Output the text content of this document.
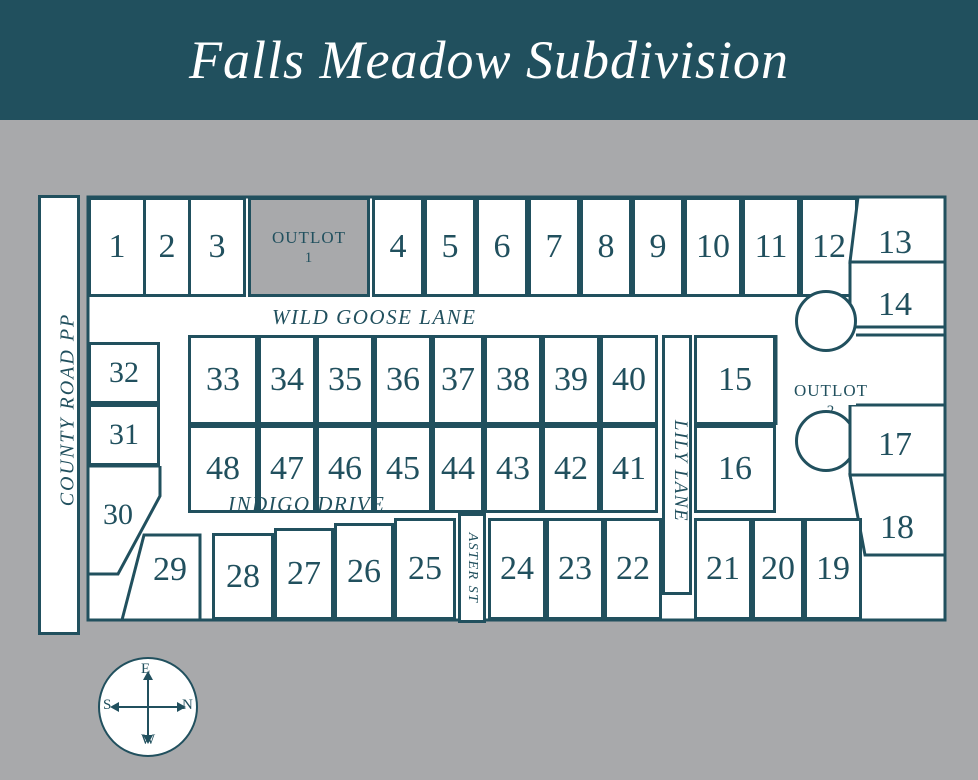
Falls Meadow Subdivision
COUNTY ROAD PP
1 2 3	OUTLOT
1 4 5 6 7 8 9 10 11 12 13
14
WILD GOOSE LANE
33 34 35 36 37 38 39 40
48 47 46 45 44 43 42 41 LILY LANE
ASTER ST
15
16
OUTLOT
17
18
32
31
30	INDIGO DRIVE
29 28 27 26 25 24 23 22 21 20 19
E
N
S
W
